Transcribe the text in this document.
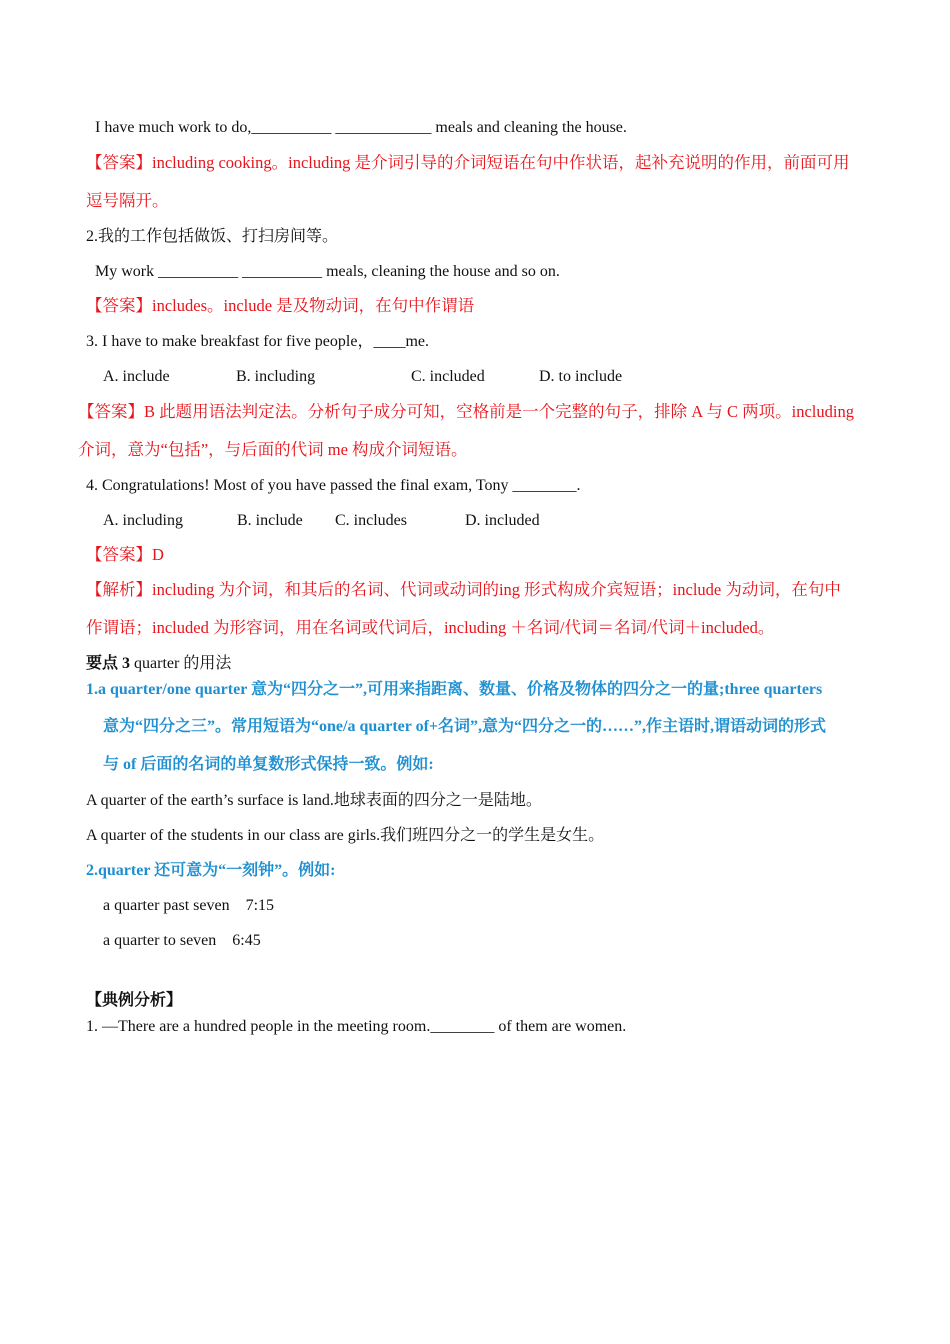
I have much work to do,__________ ____________ meals and cleaning the house.
【答案】including cooking。including 是介词引导的介词短语在句中作状语，起补充说明的作用，前面可用
逗号隔开。
2.我的工作包括做饭、打扫房间等。
My work __________ __________ meals, cleaning the house and so on.
【答案】includes。include 是及物动词，在句中作谓语
3. I have to make breakfast for five people，____me.
A. include	B. including	C. included	D. to include
【答案】B 此题用语法判定法。分析句子成分可知，空格前是一个完整的句子，排除 A 与 C 两项。including
介词，意为“包括”，与后面的代词 me 构成介词短语。
4. Congratulations! Most of you have passed the final exam, Tony ________.
A. including	B. include C. includes	D. included
【答案】D
【解析】including 为介词，和其后的名词、代词或动词的ing 形式构成介宾短语；include 为动词，在句中
作谓语；included 为形容词，用在名词或代词后，including ＋名词/代词＝名词/代词＋included。
要点 3 quarter 的用法
1.a quarter/one quarter 意为“四分之一”,可用来指距离、数量、价格及物体的四分之一的量;three quarters
意为“四分之三”。常用短语为“one/a quarter of+名词”,意为“四分之一的……”,作主语时,谓语动词的形式
与 of 后面的名词的单复数形式保持一致。例如:
A quarter of the earth’s surface is land.地球表面的四分之一是陆地。
A quarter of the students in our class are girls.我们班四分之一的学生是女生。
2.quarter 还可意为“一刻钟”。例如:
a quarter past seven    7:15
a quarter to seven    6:45
【典例分析】
1. —There are a hundred people in the meeting room.________ of them are women.
